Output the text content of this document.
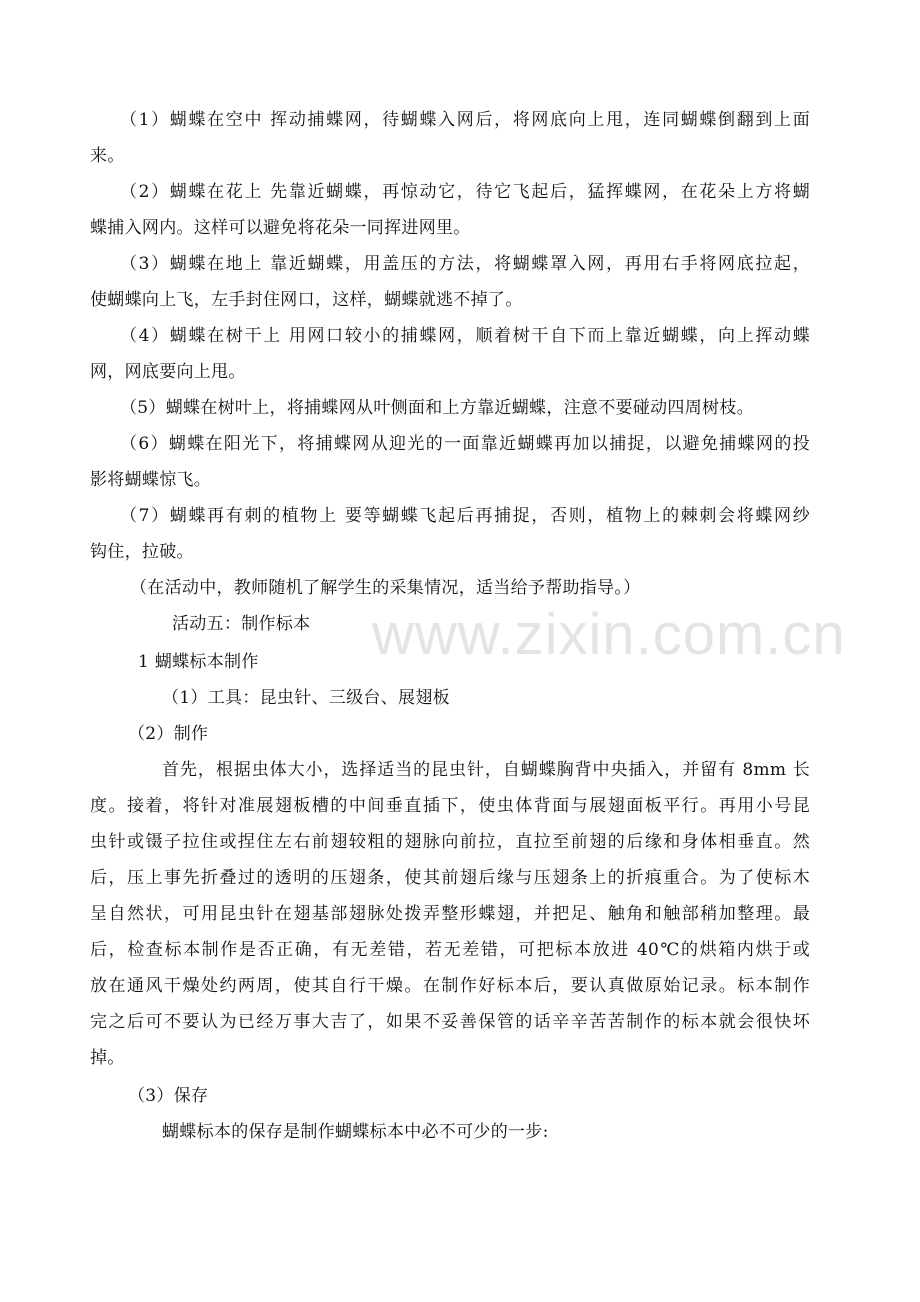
www.zixin.com.cn
（1）蝴蝶在空中 挥动捕蝶网，待蝴蝶入网后，将网底向上甩，连同蝴蝶倒翻到上面
来。
（2）蝴蝶在花上 先靠近蝴蝶，再惊动它，待它飞起后，猛挥蝶网，在花朵上方将蝴
蝶捕入网内。这样可以避免将花朵一同挥进网里。
（3）蝴蝶在地上 靠近蝴蝶，用盖压的方法，将蝴蝶罩入网，再用右手将网底拉起，
使蝴蝶向上飞，左手封住网口，这样，蝴蝶就逃不掉了。
（4）蝴蝶在树干上 用网口较小的捕蝶网，顺着树干自下而上靠近蝴蝶，向上挥动蝶
网，网底要向上甩。
（5）蝴蝶在树叶上，将捕蝶网从叶侧面和上方靠近蝴蝶，注意不要碰动四周树枝。
（6）蝴蝶在阳光下，将捕蝶网从迎光的一面靠近蝴蝶再加以捕捉，以避免捕蝶网的投
影将蝴蝶惊飞。
（7）蝴蝶再有刺的植物上 要等蝴蝶飞起后再捕捉，否则，植物上的棘刺会将蝶网纱
钩住，拉破。
（在活动中，教师随机了解学生的采集情况，适当给予帮助指导。）
活动五：制作标本
1 蝴蝶标本制作
（1）工具：昆虫针、三级台、展翅板
（2）制作
首先，根据虫体大小，选择适当的昆虫针，自蝴蝶胸背中央插入，并留有 8mm 长
度。接着，将针对准展翅板槽的中间垂直插下，使虫体背面与展翅面板平行。再用小号昆
虫针或镊子拉住或捏住左右前翅较粗的翅脉向前拉，直拉至前翅的后缘和身体相垂直。然
后，压上事先折叠过的透明的压翅条，使其前翅后缘与压翅条上的折痕重合。为了使标木
呈自然状，可用昆虫针在翅基部翅脉处拨弄整形蝶翅，并把足、触角和触部稍加整理。最
后，检查标本制作是否正确，有无差错，若无差错，可把标本放进 40℃的烘箱内烘于或
放在通风干燥处约两周，使其自行干燥。在制作好标本后，要认真做原始记录。标本制作
完之后可不要认为已经万事大吉了，如果不妥善保管的话辛辛苦苦制作的标本就会很快坏
掉。
（3）保存
蝴蝶标本的保存是制作蝴蝶标本中必不可少的一步:
